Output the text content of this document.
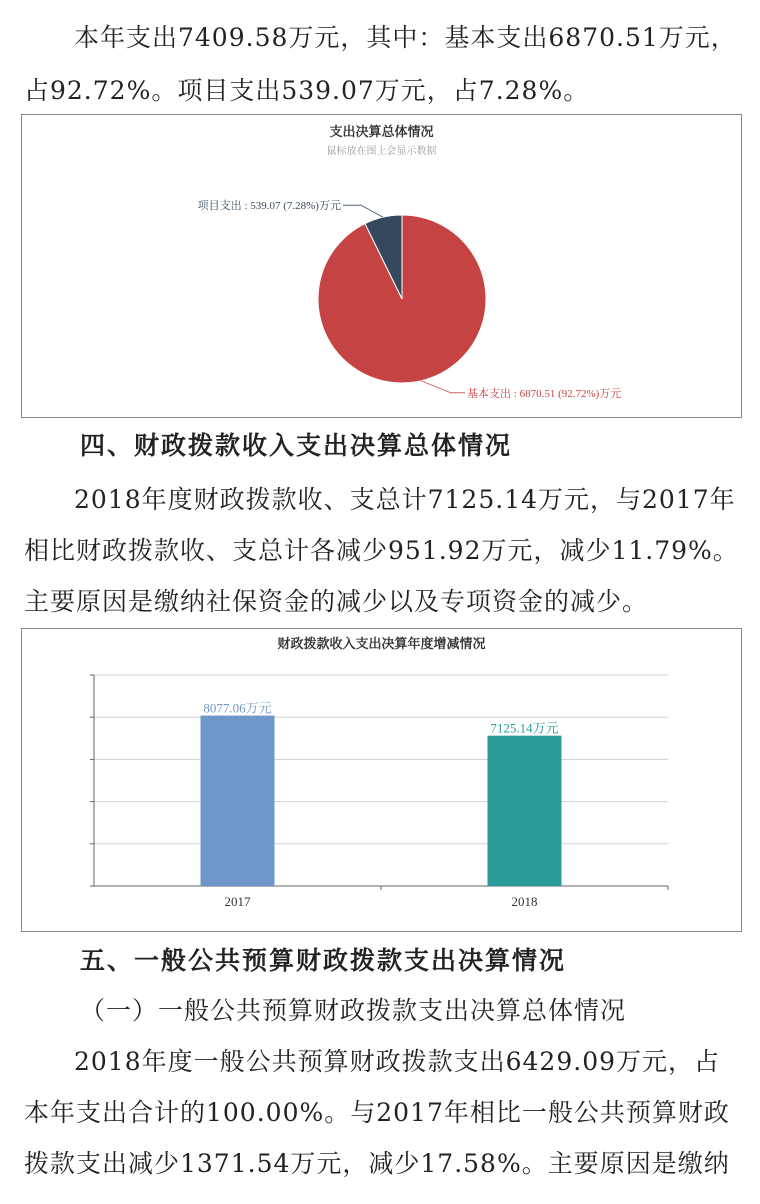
本年支出7409.58万元，其中：基本支出6870.51万元，
占92.72%。项目支出539.07万元，占7.28%。
支出决算总体情况
鼠标放在图上会显示数据
项目支出 : 539.07 (7.28%)万元
基本支出 : 6870.51 (92.72%)万元
四、财政拨款收入支出决算总体情况
2018年度财政拨款收、支总计7125.14万元，与2017年
相比财政拨款收、支总计各减少951.92万元，减少11.79%。
主要原因是缴纳社保资金的减少以及专项资金的减少。
财政拨款收入支出决算年度增减情况
8077.06万元
2017
7125.14万元
2018
五、一般公共预算财政拨款支出决算情况
（一）一般公共预算财政拨款支出决算总体情况
2018年度一般公共预算财政拨款支出6429.09万元，占
本年支出合计的100.00%。与2017年相比一般公共预算财政
拨款支出减少1371.54万元，减少17.58%。主要原因是缴纳
